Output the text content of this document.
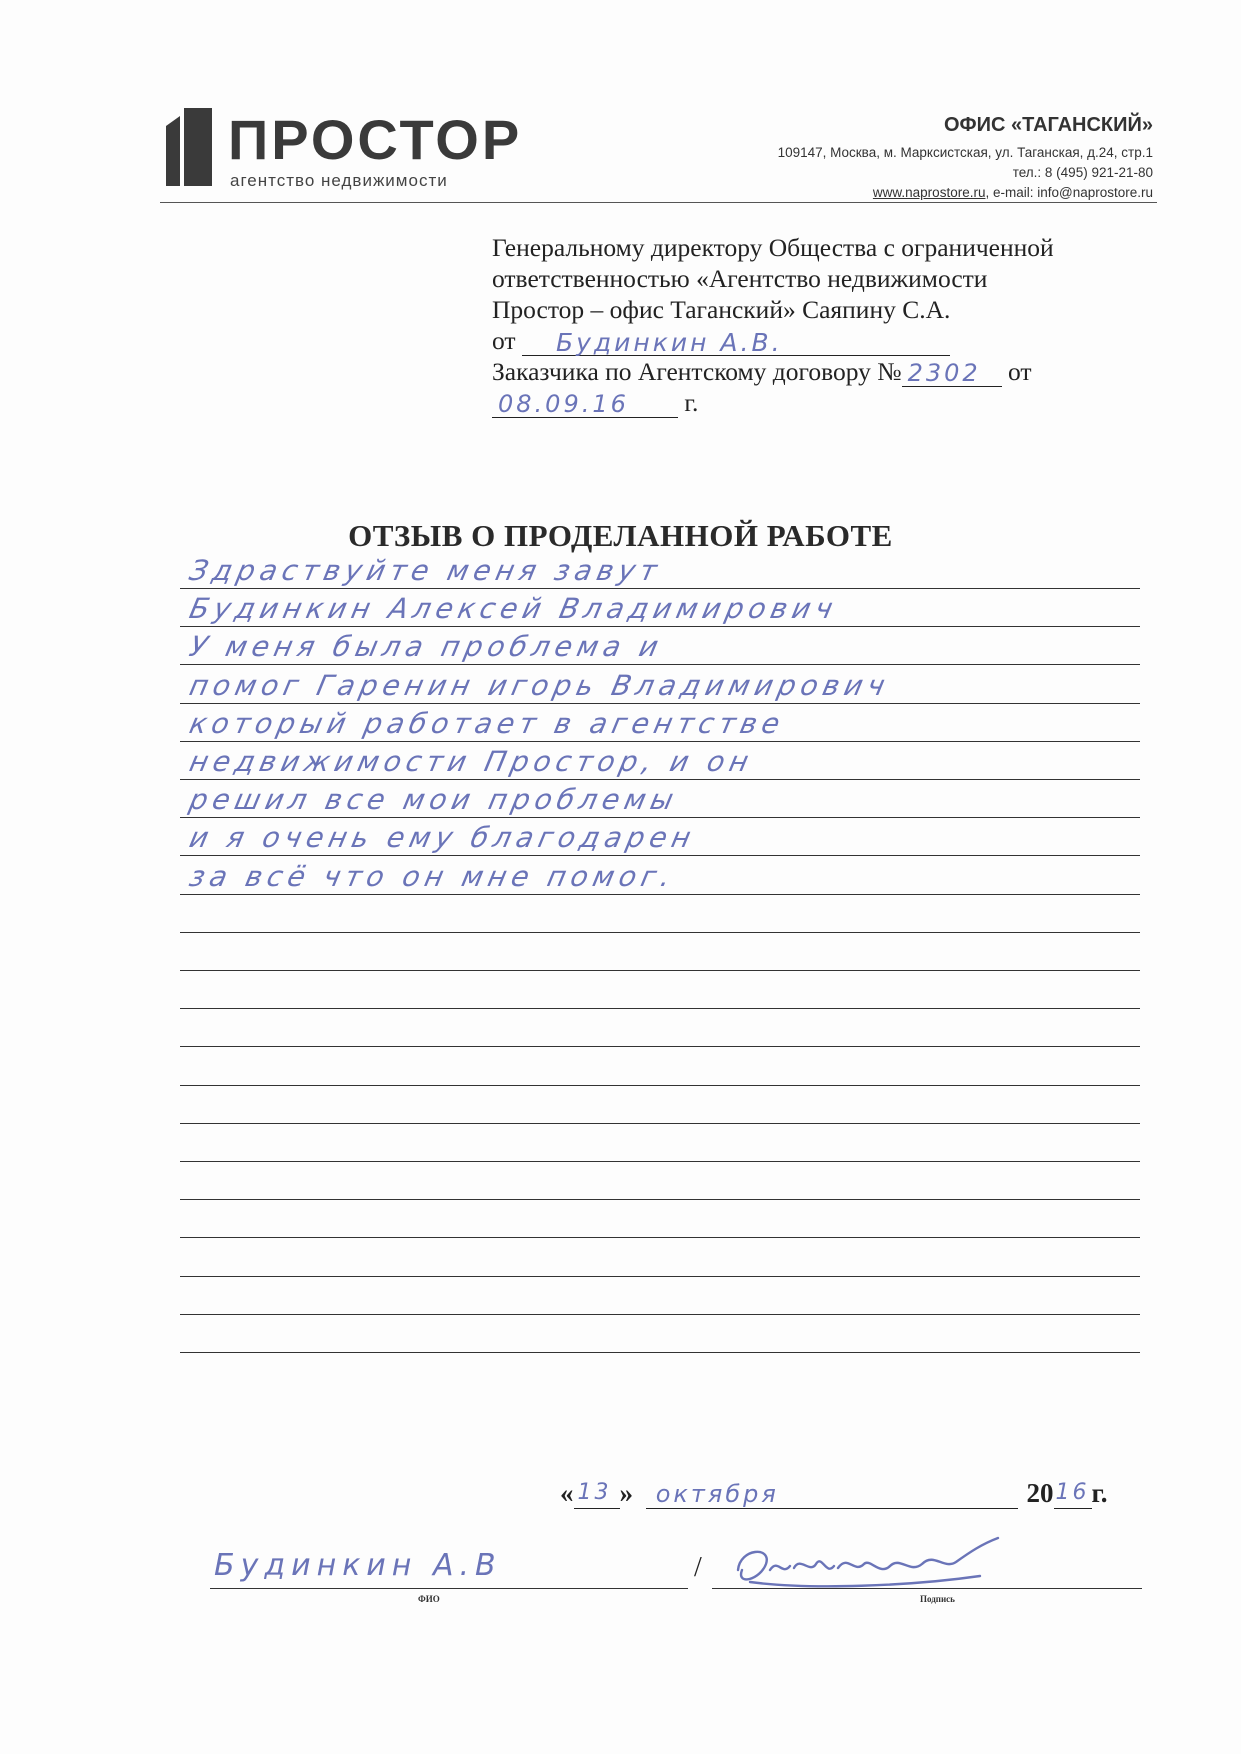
ПРОСТОР
агентство недвижимости
ОФИС «ТАГАНСКИЙ»
109147, Москва, м. Марксистская, ул. Таганская, д.24, стр.1
тел.: 8 (495) 921-21-80
www.naprostore.ru, e-mail: info@naprostore.ru
Генеральному директору Общества с ограниченной
ответственностью «Агентство недвижимости
Простор – офис Таганский» Саяпину С.А.
от Будинкин А.В.
Заказчика по Агентскому договору № 2302 от
08.09.16 г.
ОТЗЫВ О ПРОДЕЛАННОЙ РАБОТЕ
Здраствуйте меня завут
Будинкин Алексей Владимирович
У меня была проблема и
помог Гаренин игорь Владимирович
который работает в агентстве
недвижимости Простор, и он
решил все мои проблемы
и я очень ему благодарен
за всё что он мне помог.
« 13 » октября	20 16 г.
Будинкин А.В	/
ФИО	Подпись
